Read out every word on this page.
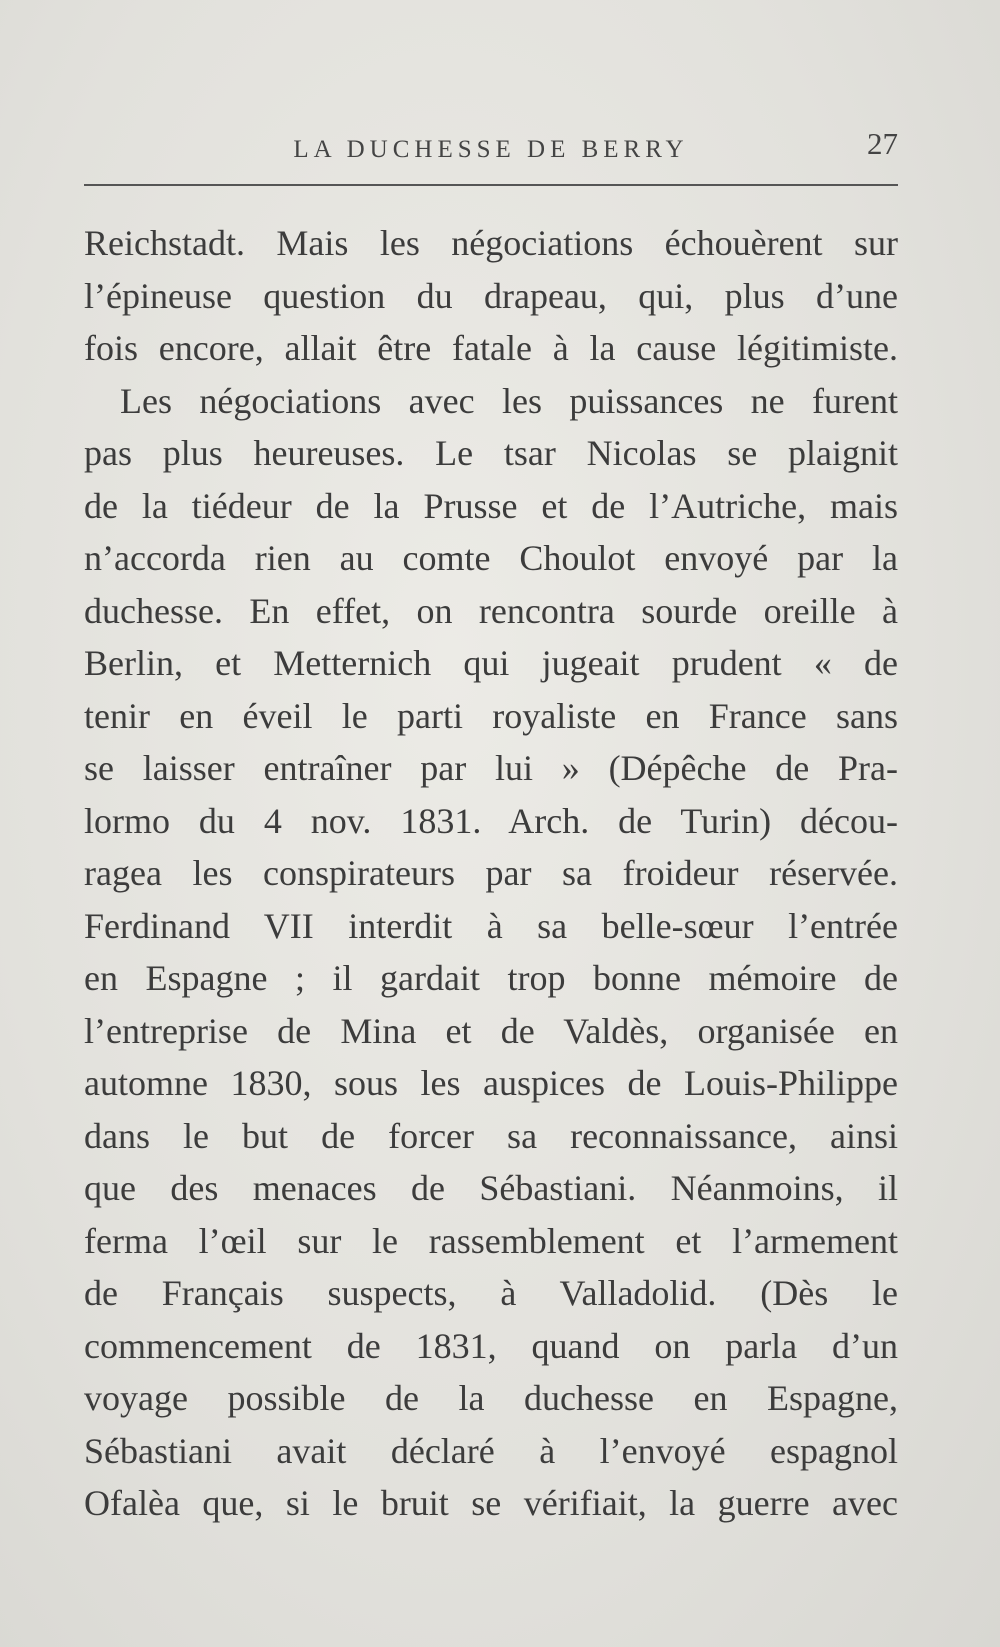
LA DUCHESSE DE BERRY	27
Reichstadt. Mais les négociations échouèrent sur
l’épineuse question du drapeau, qui, plus d’une
fois encore, allait être fatale à la cause légitimiste.
Les négociations avec les puissances ne furent
pas plus heureuses. Le tsar Nicolas se plaignit
de la tiédeur de la Prusse et de l’Autriche, mais
n’accorda rien au comte Choulot envoyé par la
duchesse. En effet, on rencontra sourde oreille à
Berlin, et Metternich qui jugeait prudent « de
tenir en éveil le parti royaliste en France sans
se laisser entraîner par lui » (Dépêche de Pra-
lormo du 4 nov. 1831. Arch. de Turin) décou-
ragea les conspirateurs par sa froideur réservée.
Ferdinand VII interdit à sa belle-sœur l’entrée
en Espagne ; il gardait trop bonne mémoire de
l’entreprise de Mina et de Valdès, organisée en
automne 1830, sous les auspices de Louis-Philippe
dans le but de forcer sa reconnaissance, ainsi
que des menaces de Sébastiani. Néanmoins, il
ferma l’œil sur le rassemblement et l’armement
de Français suspects, à Valladolid. (Dès le
commencement de 1831, quand on parla d’un
voyage possible de la duchesse en Espagne,
Sébastiani avait déclaré à l’envoyé espagnol
Ofalèa que, si le bruit se vérifiait, la guerre avec
